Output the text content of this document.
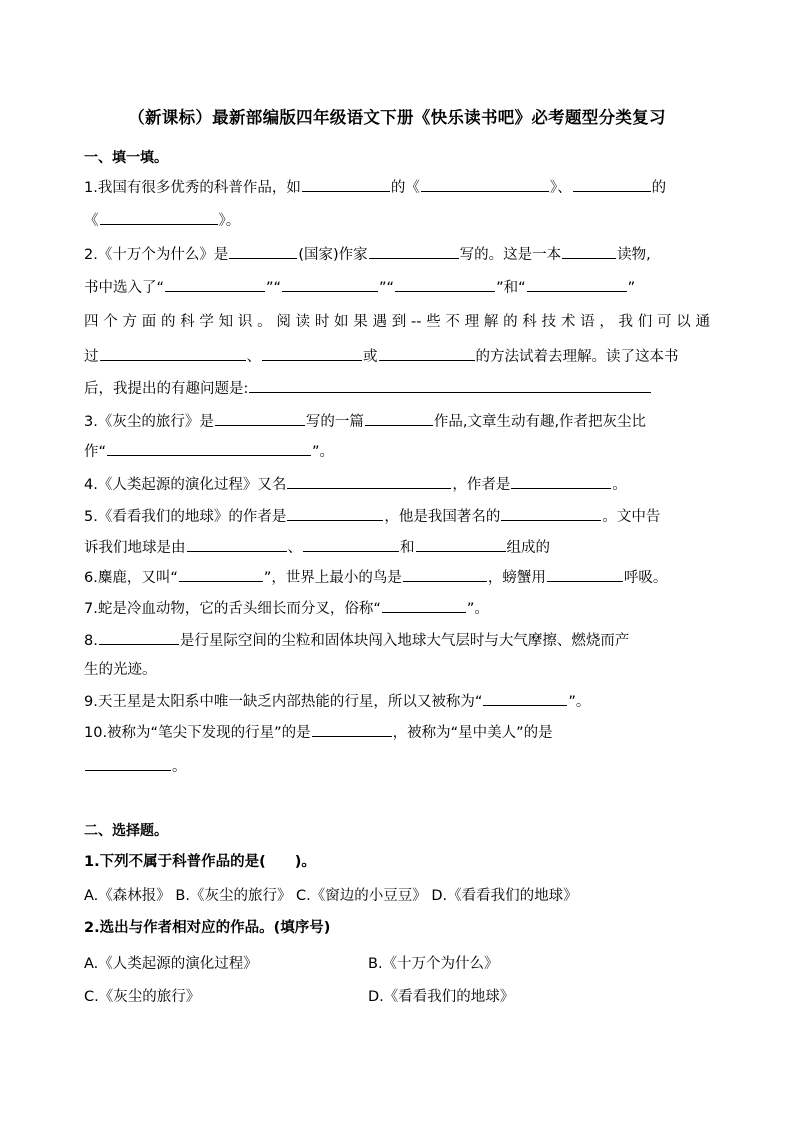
（新课标）最新部编版四年级语文下册《快乐读书吧》必考题型分类复习
一、填一填。
1.我国有很多优秀的科普作品，如	的《	》、	的
《	》。
2.《十万个为什么》是	(国家)作家	写的。这是一本	读物,
书中选入了“	”“	”“	”和“	”
四个方面的科学知识。阅读时如果遇到--些不理解的科技术语，我们可以通
过	、	或	的方法试着去理解。读了这本书
后，我提出的有趣问题是:
3.《灰尘的旅行》是	写的一篇	作品,文章生动有趣,作者把灰尘比
作“	”。
4.《人类起源的演化过程》又名	，作者是	。
5.《看看我们的地球》的作者是	，他是我国著名的	。文中告
诉我们地球是由	、	和	组成的
6.麋鹿，又叫“	”，世界上最小的鸟是	，螃蟹用	呼吸。
7.蛇是冷血动物，它的舌头细长而分叉，俗称“	”。
8.	是行星际空间的尘粒和固体块闯入地球大气层时与大气摩擦、燃烧而产
生的光迹。
9.天王星是太阳系中唯一缺乏内部热能的行星，所以又被称为“	”。
10.被称为“笔尖下发现的行星”的是	，被称为“星中美人”的是
。
二、选择题。
1.下列不属于科普作品的是(　　)。
A.《森林报》 B.《灰尘的旅行》 C.《窗边的小豆豆》 D.《看看我们的地球》
2.选出与作者相对应的作品。(填序号)
A.《人类起源的演化过程》	B.《十万个为什么》
C.《灰尘的旅行》	D.《看看我们的地球》
